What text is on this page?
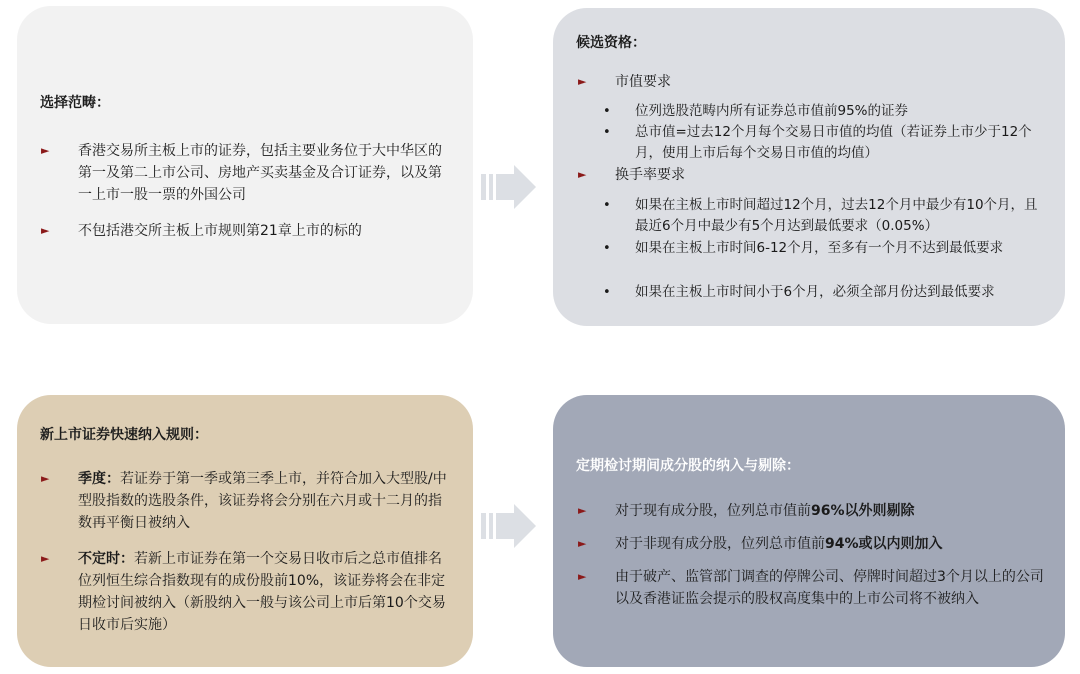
选择范畴：
►	香港交易所主板上市的证券，包括主要业务位于大中华区的第一及第二上市公司、房地产买卖基金及合订证券，以及第 一上市一股一票的外国公司
►	不包括港交所主板上市规则第21章上市的标的
候选资格：
►	市值要求
•	位列选股范畴内所有证券总市值前95%的证券
•	总市值=过去12个月每个交易日市值的均值（若证券上市少于12个月，使用上市后每个交易日市值的均值）
►	换手率要求
•	如果在主板上市时间超过12个月，过去12个月中最少有10个月，且最近6个月中最少有5个月达到最低要求（0.05%）
•	如果在主板上市时间6-12个月，至多有一个月不达到最低要求
•	如果在主板上市时间小于6个月，必须全部月份达到最低要求
新上市证券快速纳入规则：
►	季度：若证券于第一季或第三季上市，并符合加入大型股/中型股指数的选股条件，该证券将会分别在六月或十二月的指数再平衡日被纳入
►	不定时：若新上市证券在第一个交易日收市后之总市值排名位列恒生综合指数现有的成份股前10%，该证券将会在非定期检讨间被纳入（新股纳入一般与该公司上市后第10个交易日收市后实施）
定期检讨期间成分股的纳入与剔除：
►	对于现有成分股，位列总市值前96%以外则剔除
►	对于非现有成分股，位列总市值前94%或以内则加入
►	由于破产、监管部门调查的停牌公司、停牌时间超过3个月以上的公司以及香港证监会提示的股权高度集中的上市公司将不被纳入
